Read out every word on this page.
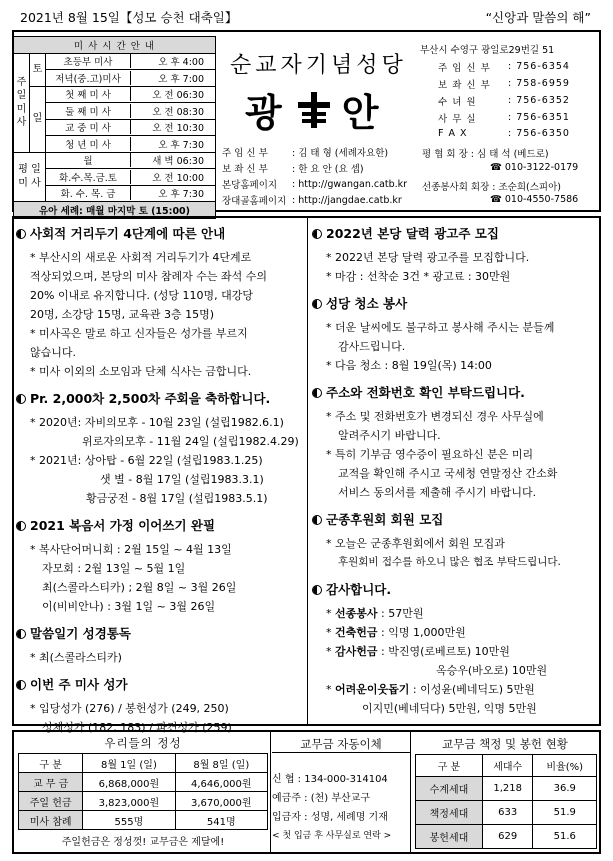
2021년 8월 15일【성모 승천 대축일】	“신앙과 말씀의 해”
미 사 시 간 안 내		
주
일
미
사	토	초등부 미사 오 후 4:00
		저녁(중.고)미사 오 후 7:00
	일	첫 째 미 사 오 전 06:30
		둘 째 미 사 오 전 08:30
		교 중 미 사 오 전 10:30
		청 년 미 사 오 후 7:30
평 일
미 사		월 새 벽 06:30
		화.수.목.금.토 오 전 10:00
		화. 수. 목. 금 오 후 7:30
유아 세례: 매월 마지막 토 (15:00)		
순교자기념성당
광 안
주 임 신 부	: 김 태 형 (세례자요한)
보 좌 신 부	: 한 요 안 (요 셉)
본당홈페이지	: http://gwangan.catb.kr
장대골홈페이지	: http://jangdae.catb.kr
부산시 수영구 광일로29번길 51
주 임 신 부	: 756-6354
보 좌 신 부	: 758-6959
수 녀 원	: 756-6352
사 무 실	: 756-6351
F A X	: 756-6350
평 협 회 장 : 심 태 석 (베드로)
☎ 010-3122-0179
선종봉사회 회장 : 조순희(스피아)
☎ 010-4550-7586
사회적 거리두기 4단계에 따른 안내
* 부산시의 새로운 사회적 거리두기가 4단계로
적상되었으며, 본당의 미사 참례자 수는 좌석 수의
20% 이내로 유지합니다. (성당 110명, 대강당
20명, 소강당 15명, 교육관 3층 15명)
* 미사곡은 말로 하고 신자들은 성가를 부르지
않습니다.
* 미사 이외의 소모임과 단체 식사는 금합니다.
Pr. 2,000차 2,500차 주회을 축하합니다.
* 2020년: 자비의모후 - 10월 23일 (설립1982.6.1)
위로자의모후 - 11월 24일 (설립1982.4.29)
* 2021년: 상아탑 - 6월 22일 (설립1983.1.25)
샛 별 - 8월 17일 (설립1983.3.1)
황금궁전 - 8월 17일 (설립1983.5.1)
2021 복음서 가정 이어쓰기 완필
* 복사단어머니회 : 2월 15일 ~ 4월 13일
자모회 : 2월 13일 ~ 5월 1일
최(스콜라스티카) ; 2월 8일 ~ 3월 26일
이(비비안나) : 3월 1일 ~ 3월 26일
말씀일기 성경통독
* 최(스콜라스티카)
이번 주 미사 성가
* 입당성가 (276) / 봉헌성가 (249, 250)
성체성가 (182, 183) / 파견성가 (259)
2022년 본당 달력 광고주 모집
* 2022년 본당 달력 광고주를 모집합니다.
* 마감 : 선착순 3건 * 광고료 : 30만원
성당 청소 봉사
* 더운 날씨에도 불구하고 봉사해 주시는 분들께
감사드립니다.
* 다음 청소 : 8월 19일(목) 14:00
주소와 전화번호 확인 부탁드립니다.
* 주소 및 전화번호가 변경되신 경우 사무실에
알려주시기 바랍니다.
* 특히 기부금 영수증이 필요하신 분은 미리
교적을 확인해 주시고 국세청 연말정산 간소화
서비스 동의서를 제출해 주시기 바랍니다.
군종후원회 회원 모집
* 오늘은 군종후원회에서 회원 모집과
후원회비 접수를 하오니 많은 협조 부탁드립니다.
감사합니다.
* 선종봉사 : 57만원
* 건축헌금 : 익명 1,000만원
* 감사헌금 : 박진영(로베르토) 10만원
옥승우(바오로) 10만원
* 어려운이웃돕기 : 이성윤(베네딕도) 5만원
이지민(베네딕다) 5만원, 익명 5만원
우리들의 정성
구 분	8월 1일 (일)	8월 8일 (일)
교 무 금	6,868,000원	4,646,000원
주일 헌금	3,823,000원	3,670,000원
미사 참례	555명	541명
주일헌금은 정성껏! 교무금은 제달에!
교무금 자동이체
신 협 : 134-000-314104
예금주 : (천) 부산교구
입금자 : 성명, 세례명 기재
< 첫 입금 후 사무실로 연락 >
교무금 책정 및 봉헌 현황
구 분	세대수	비율(%)
수계세대	1,218	36.9
책정세대	633	51.9
봉헌세대	629	51.6
